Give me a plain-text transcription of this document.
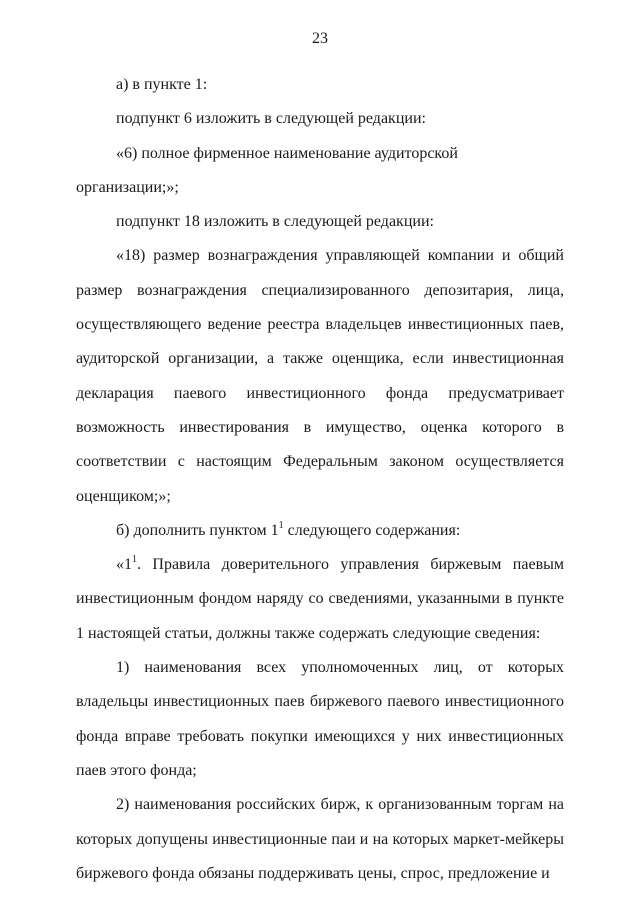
23

а) в пункте 1:

подпункт 6 изложить в следующей редакции:

«6) полное фирменное наименование аудиторской организации;»;

подпункт 18 изложить в следующей редакции:

«18) размер вознаграждения управляющей компании и общий размер вознаграждения специализированного депозитария, лица, осуществляющего ведение реестра владельцев инвестиционных паев, аудиторской организации, а также оценщика, если инвестиционная декларация паевого инвестиционного фонда предусматривает возможность инвестирования в имущество, оценка которого в соответствии с настоящим Федеральным законом осуществляется оценщиком;»;

б) дополнить пунктом $1^1$ следующего содержания:

«$1^1$. Правила доверительного управления биржевым паевым инвестиционным фондом наряду со сведениями, указанными в пункте 1 настоящей статьи, должны также содержать следующие сведения:

1) наименования всех уполномоченных лиц, от которых владельцы инвестиционных паев биржевого паевого инвестиционного фонда вправе требовать покупки имеющихся у них инвестиционных паев этого фонда;

2) наименования российских бирж, к организованным торгам на которых допущены инвестиционные паи и на которых маркет-мейкеры биржевого фонда обязаны поддерживать цены, спрос, предложение и
